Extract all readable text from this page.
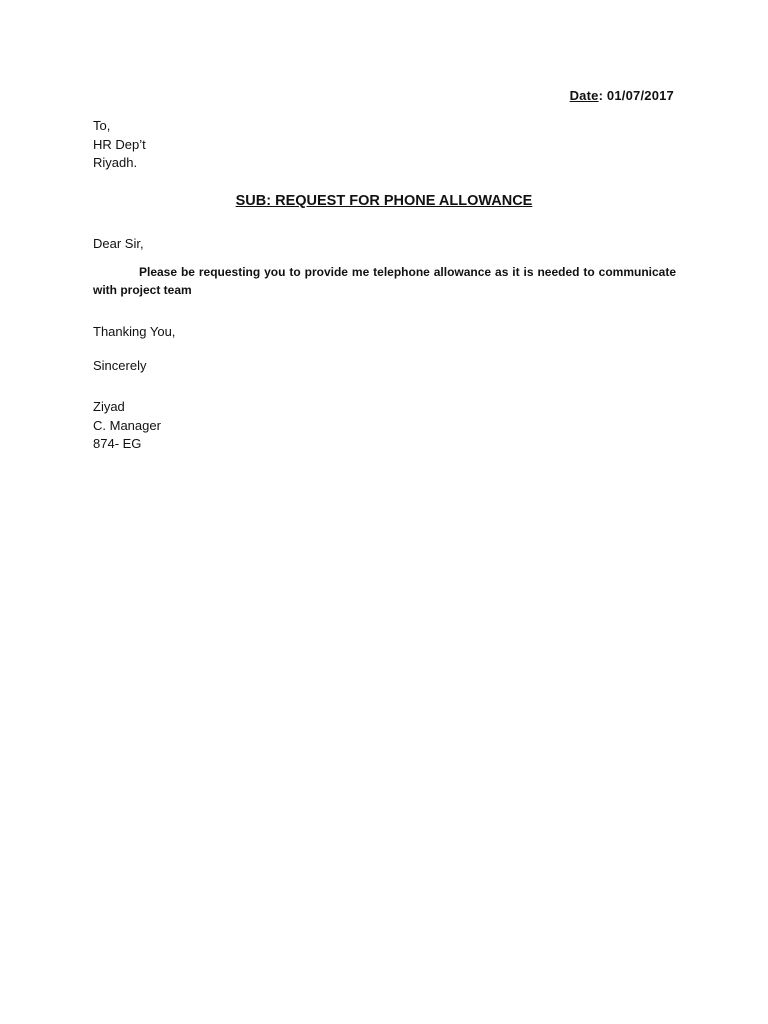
Date: 01/07/2017
To,
HR Dep’t
Riyadh.
SUB: REQUEST FOR PHONE ALLOWANCE
Dear Sir,
Please be requesting you to provide me telephone allowance as it is needed to communicate with project team
Thanking You,
Sincerely
Ziyad
C. Manager
874- EG
